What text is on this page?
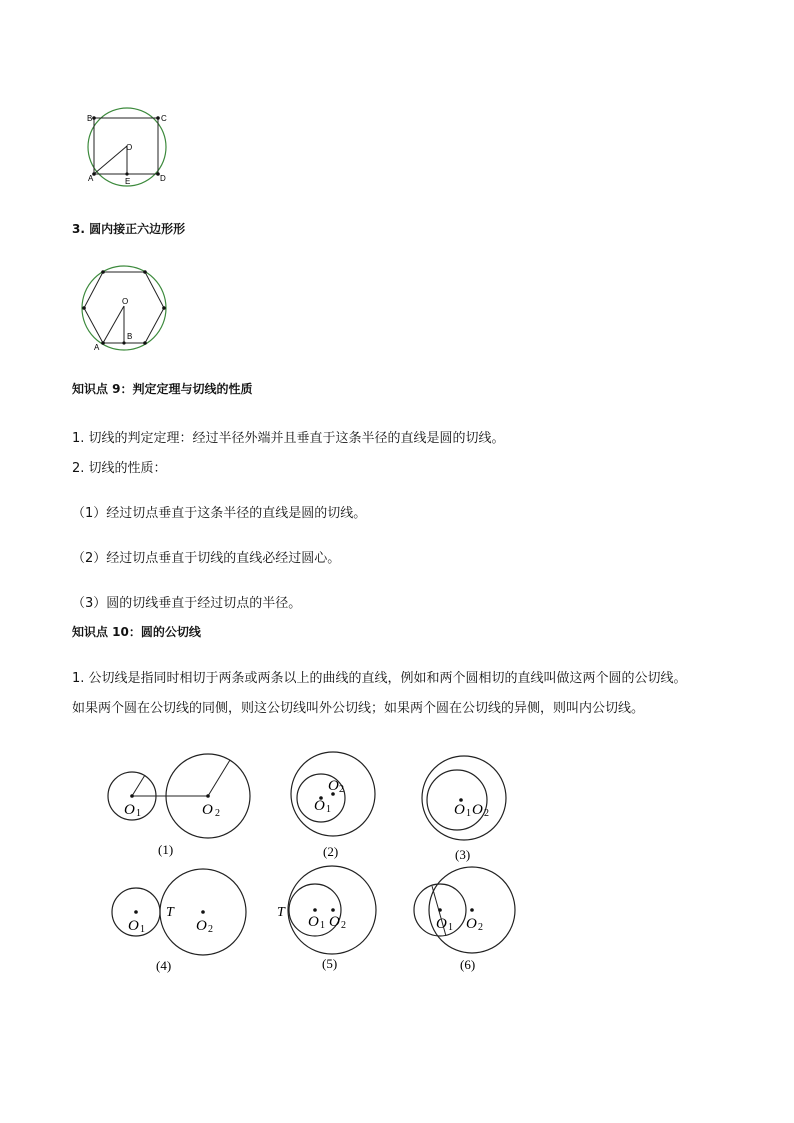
B	C
O
A	E	D
3. 圆内接正六边形形
O
A
B
知识点 9：判定定理与切线的性质
1. 切线的判定定理：经过半径外端并且垂直于这条半径的直线是圆的切线。
2. 切线的性质：
（1）经过切点垂直于这条半径的直线是圆的切线。
（2）经过切点垂直于切线的直线必经过圆心。
（3）圆的切线垂直于经过切点的半径。
知识点 10：圆的公切线
1. 公切线是指同时相切于两条或两条以上的曲线的直线，例如和两个圆相切的直线叫做这两个圆的公切线。
如果两个圆在公切线的同侧，则这公切线叫外公切线；如果两个圆在公切线的异侧，则叫内公切线。
O 1	O 2
(1)
O 1
O 2
(2)
O 1 O 2
(3)
O 1	O 2
T
(4)
O 1 O 2
T
(5)
O 1 O 2
(6)
